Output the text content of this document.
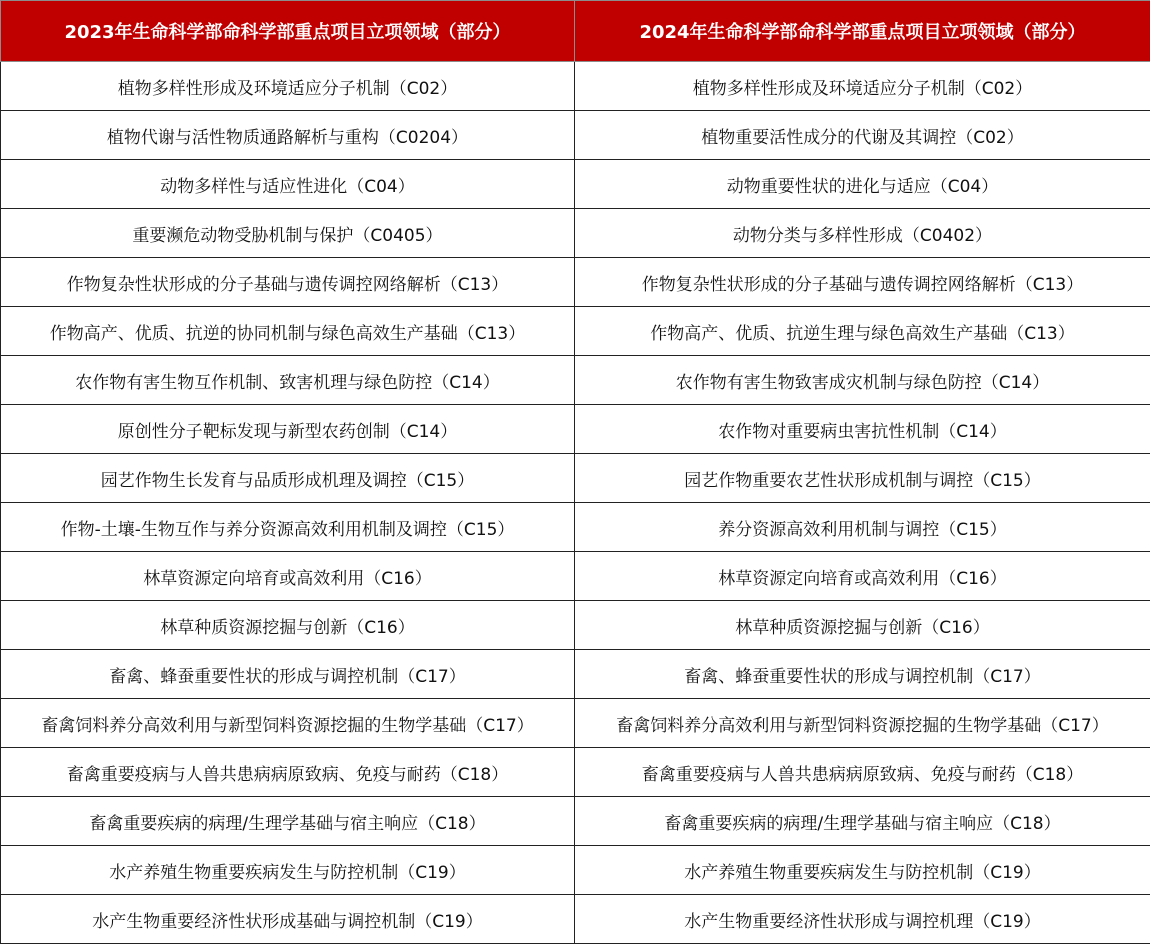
2023年生命科学部命科学部重点项目立项领域（部分）	2024年生命科学部命科学部重点项目立项领域（部分）
植物多样性形成及环境适应分子机制（C02）	植物多样性形成及环境适应分子机制（C02）
植物代谢与活性物质通路解析与重构（C0204）	植物重要活性成分的代谢及其调控（C02）
动物多样性与适应性进化（C04）	动物重要性状的进化与适应（C04）
重要濒危动物受胁机制与保护（C0405）	动物分类与多样性形成（C0402）
作物复杂性状形成的分子基础与遗传调控网络解析（C13）	作物复杂性状形成的分子基础与遗传调控网络解析（C13）
作物高产、优质、抗逆的协同机制与绿色高效生产基础（C13）	作物高产、优质、抗逆生理与绿色高效生产基础（C13）
农作物有害生物互作机制、致害机理与绿色防控（C14）	农作物有害生物致害成灾机制与绿色防控（C14）
原创性分子靶标发现与新型农药创制（C14）	农作物对重要病虫害抗性机制（C14）
园艺作物生长发育与品质形成机理及调控（C15）	园艺作物重要农艺性状形成机制与调控（C15）
作物-土壤-生物互作与养分资源高效利用机制及调控（C15）	养分资源高效利用机制与调控（C15）
林草资源定向培育或高效利用（C16）	林草资源定向培育或高效利用（C16）
林草种质资源挖掘与创新（C16）	林草种质资源挖掘与创新（C16）
畜禽、蜂蚕重要性状的形成与调控机制（C17）	畜禽、蜂蚕重要性状的形成与调控机制（C17）
畜禽饲料养分高效利用与新型饲料资源挖掘的生物学基础（C17）	畜禽饲料养分高效利用与新型饲料资源挖掘的生物学基础（C17）
畜禽重要疫病与人兽共患病病原致病、免疫与耐药（C18）	畜禽重要疫病与人兽共患病病原致病、免疫与耐药（C18）
畜禽重要疾病的病理/生理学基础与宿主响应（C18）	畜禽重要疾病的病理/生理学基础与宿主响应（C18）
水产养殖生物重要疾病发生与防控机制（C19）	水产养殖生物重要疾病发生与防控机制（C19）
水产生物重要经济性状形成基础与调控机制（C19）	水产生物重要经济性状形成与调控机理（C19）
